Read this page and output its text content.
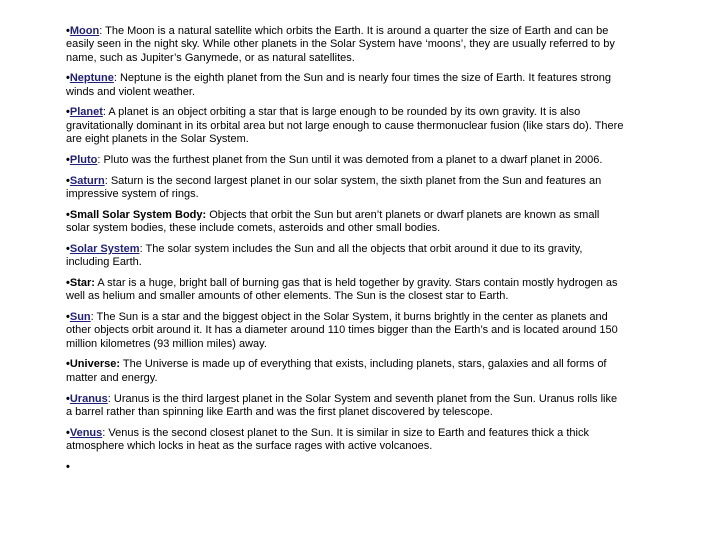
•Moon: The Moon is a natural satellite which orbits the Earth. It is around a quarter the size of Earth and can be easily seen in the night sky. While other planets in the Solar System have ‘moons’, they are usually referred to by name, such as Jupiter’s Ganymede, or as natural satellites.
•Neptune: Neptune is the eighth planet from the Sun and is nearly four times the size of Earth. It features strong winds and violent weather.
•Planet: A planet is an object orbiting a star that is large enough to be rounded by its own gravity. It is also gravitationally dominant in its orbital area but not large enough to cause thermonuclear fusion (like stars do). There are eight planets in the Solar System.
•Pluto: Pluto was the furthest planet from the Sun until it was demoted from a planet to a dwarf planet in 2006.
•Saturn: Saturn is the second largest planet in our solar system, the sixth planet from the Sun and features an impressive system of rings.
•Small Solar System Body: Objects that orbit the Sun but aren’t planets or dwarf planets are known as small solar system bodies, these include comets, asteroids and other small bodies.
•Solar System: The solar system includes the Sun and all the objects that orbit around it due to its gravity, including Earth.
•Star: A star is a huge, bright ball of burning gas that is held together by gravity. Stars contain mostly hydrogen as well as helium and smaller amounts of other elements. The Sun is the closest star to Earth.
•Sun: The Sun is a star and the biggest object in the Solar System, it burns brightly in the center as planets and other objects orbit around it. It has a diameter around 110 times bigger than the Earth’s and is located around 150 million kilometres (93 million miles) away.
•Universe: The Universe is made up of everything that exists, including planets, stars, galaxies and all forms of matter and energy.
•Uranus: Uranus is the third largest planet in the Solar System and seventh planet from the Sun. Uranus rolls like a barrel rather than spinning like Earth and was the first planet discovered by telescope.
•Venus: Venus is the second closest planet to the Sun. It is similar in size to Earth and features thick a thick atmosphere which locks in heat as the surface rages with active volcanoes.
•
